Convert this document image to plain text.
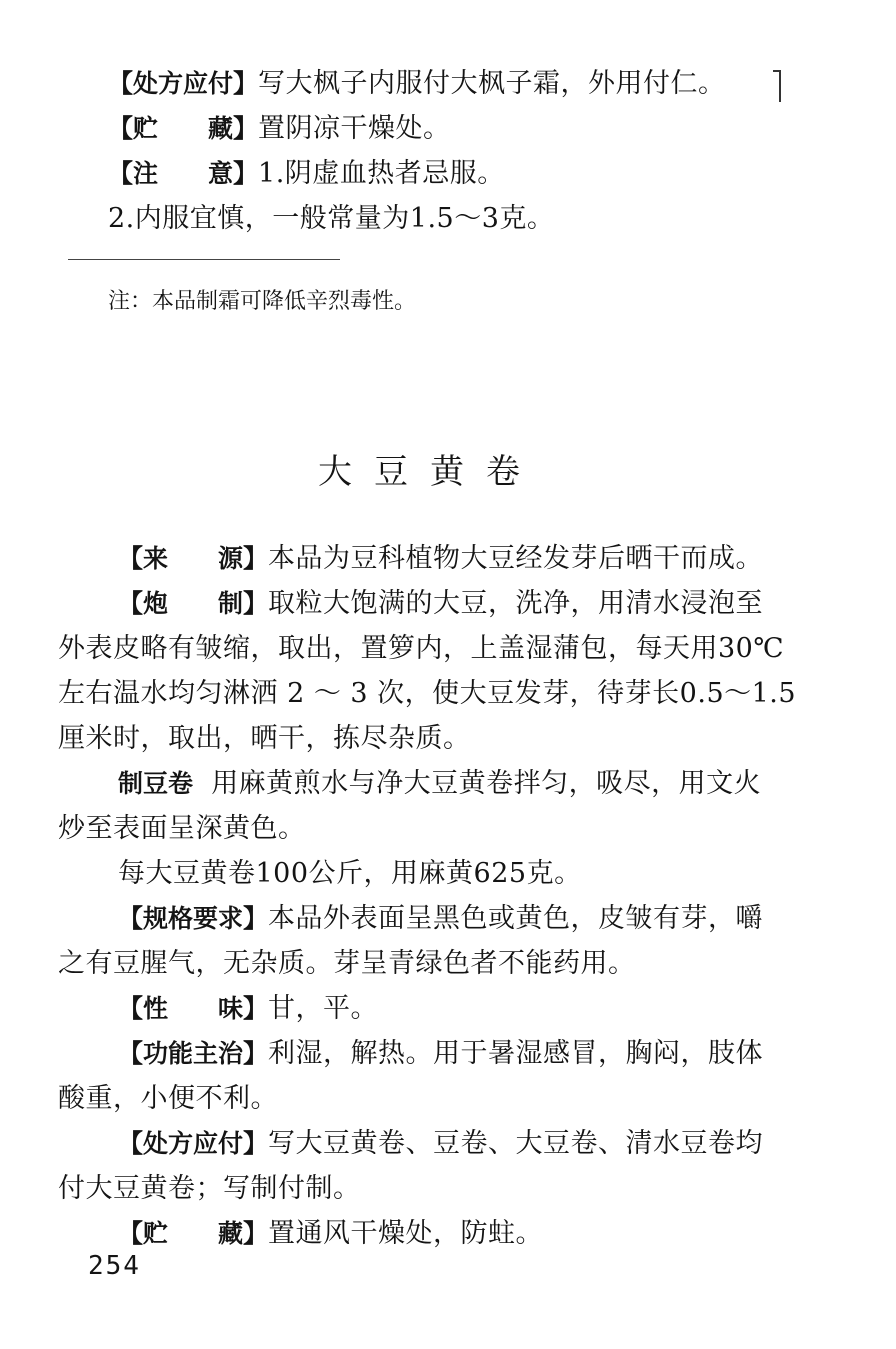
【处方应付】写大枫子内服付大枫子霜，外用付仁。
【贮　　藏】置阴凉干燥处。
【注　　意】1.阴虚血热者忌服。
2.内服宜慎，一般常量为1.5～3克。
注：本品制霜可降低辛烈毒性。
大豆黄卷
【来　　源】本品为豆科植物大豆经发芽后晒干而成。
【炮　　制】取粒大饱满的大豆，洗净，用清水浸泡至
外表皮略有皱缩，取出，置箩内，上盖湿蒲包，每天用30℃
左右温水均匀淋洒 2 ～ 3 次，使大豆发芽，待芽长0.5～1.5
厘米时，取出，晒干，拣尽杂质。
制豆卷 用麻黄煎水与净大豆黄卷拌匀，吸尽，用文火
炒至表面呈深黄色。
每大豆黄卷100公斤，用麻黄625克。
【规格要求】本品外表面呈黑色或黄色，皮皱有芽，嚼
之有豆腥气，无杂质。芽呈青绿色者不能药用。
【性　　味】甘，平。
【功能主治】利湿，解热。用于暑湿感冒，胸闷，肢体
酸重，小便不利。
【处方应付】写大豆黄卷、豆卷、大豆卷、清水豆卷均
付大豆黄卷；写制付制。
【贮　　藏】置通风干燥处，防蛀。
254
